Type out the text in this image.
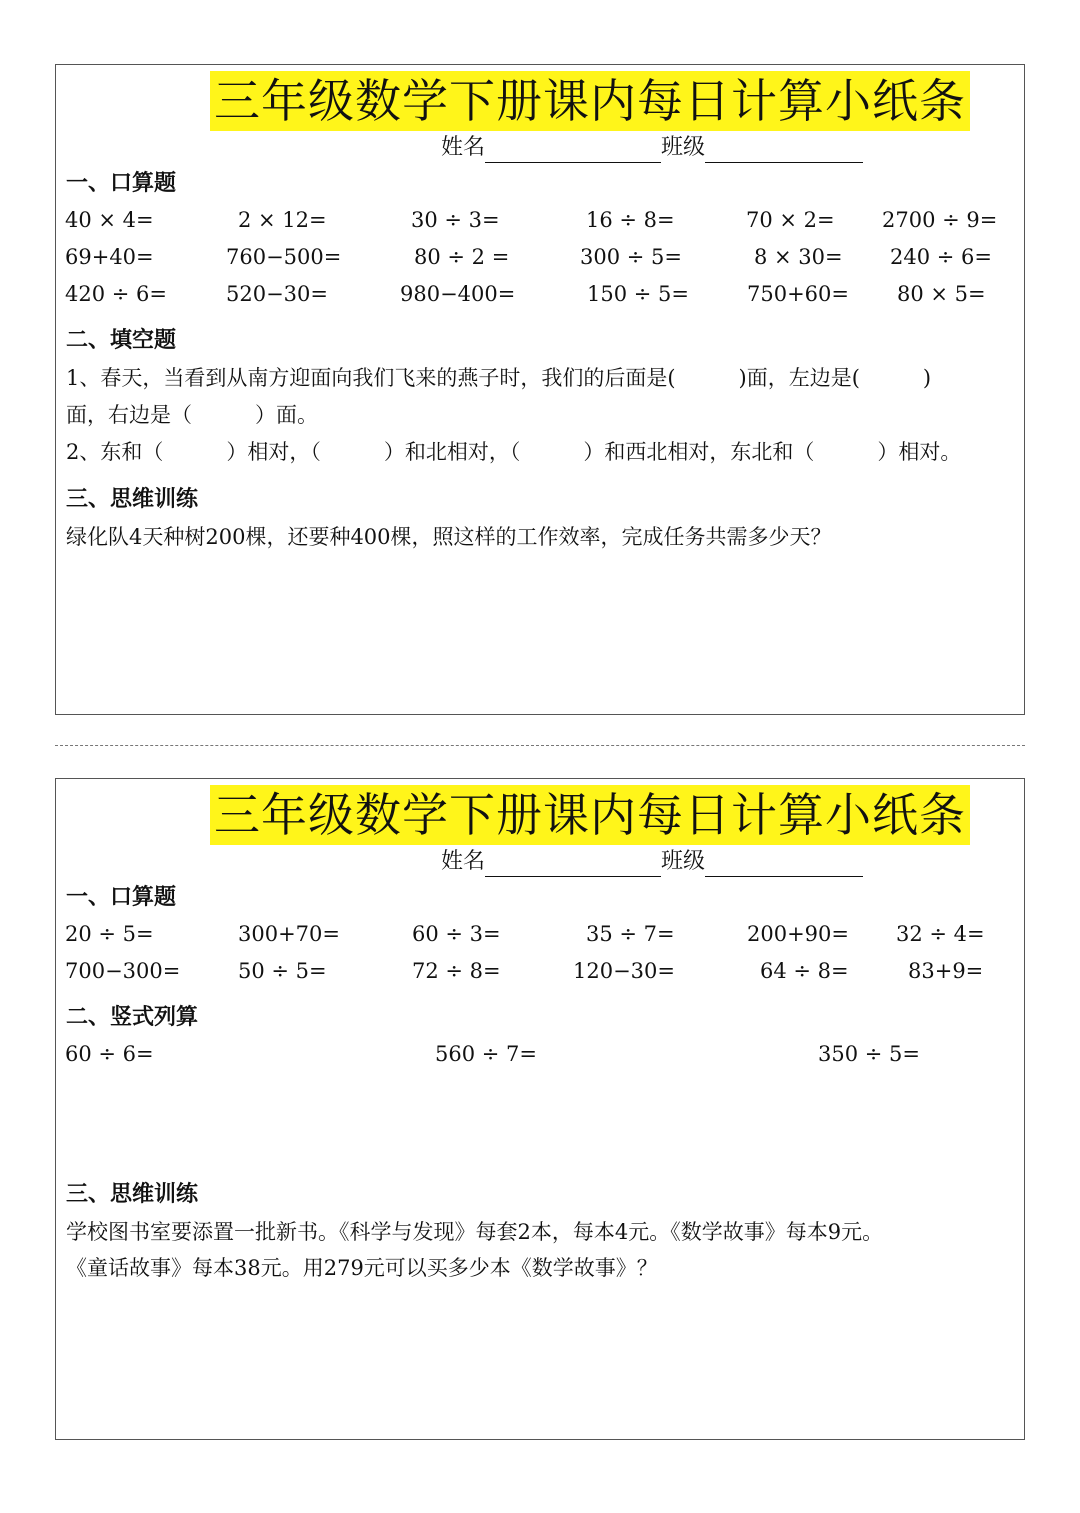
三年级数学下册课内每日计算小纸条
姓名	班级
一、口算题
40 × 4=	2 × 12=	30 ÷ 3=	16 ÷ 8=	70 × 2= 2700 ÷ 9=
69+40=	760−500=	80 ÷ 2 =	300 ÷ 5=	8 × 30= 240 ÷ 6=
420 ÷ 6=	520−30=	980−400=	150 ÷ 5=	750+60= 80 × 5=
二、填空题
1、春天，当看到从南方迎面向我们飞来的燕子时，我们的后面是(　　　)面，左边是(　　　)
面，右边是（　　　）面。
2、东和（　　　）相对，（　　　）和北相对，（　　　）和西北相对，东北和（　　　）相对。
三、思维训练
绿化队4天种树200棵，还要种400棵，照这样的工作效率，完成任务共需多少天？
三年级数学下册课内每日计算小纸条
姓名	班级
一、口算题
20 ÷ 5=	300+70=	60 ÷ 3=	35 ÷ 7=	200+90= 32 ÷ 4=
700−300=	50 ÷ 5=	72 ÷ 8=	120−30=	64 ÷ 8=	83+9=
二、竖式列算
60 ÷ 6=	560 ÷ 7=	350 ÷ 5=
三、思维训练
学校图书室要添置一批新书。《科学与发现》每套2本，每本4元。《数学故事》每本9元。
《童话故事》每本38元。用279元可以买多少本《数学故事》？
